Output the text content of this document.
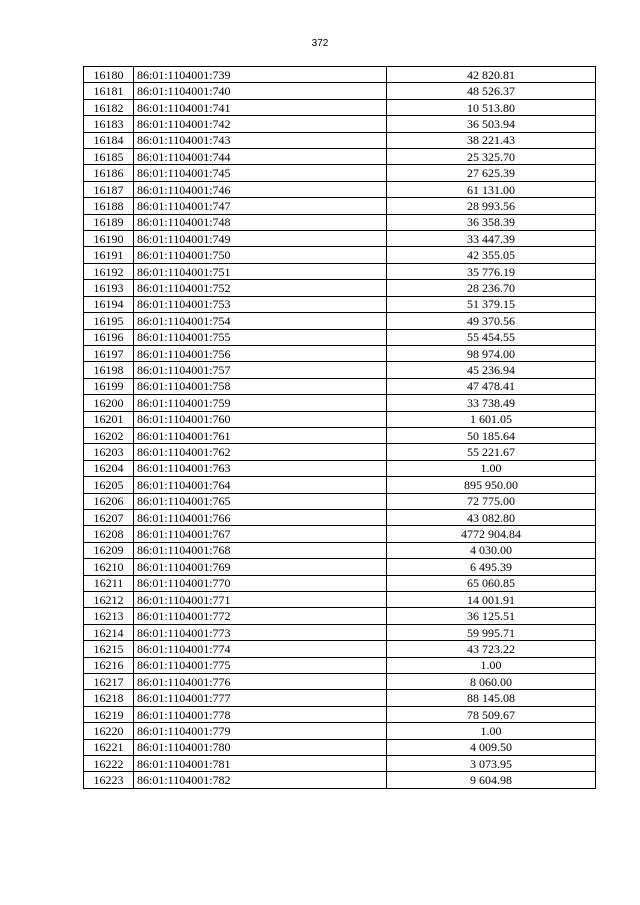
372
16180	86:01:1104001:739	42 820.81
16181	86:01:1104001:740	48 526.37
16182	86:01:1104001:741	10 513.80
16183	86:01:1104001:742	36 503.94
16184	86:01:1104001:743	38 221.43
16185	86:01:1104001:744	25 325.70
16186	86:01:1104001:745	27 625.39
16187	86:01:1104001:746	61 131.00
16188	86:01:1104001:747	28 993.56
16189	86:01:1104001:748	36 358.39
16190	86:01:1104001:749	33 447.39
16191	86:01:1104001:750	42 355.05
16192	86:01:1104001:751	35 776.19
16193	86:01:1104001:752	28 236.70
16194	86:01:1104001:753	51 379.15
16195	86:01:1104001:754	49 370.56
16196	86:01:1104001:755	55 454.55
16197	86:01:1104001:756	98 974.00
16198	86:01:1104001:757	45 236.94
16199	86:01:1104001:758	47 478.41
16200	86:01:1104001:759	33 738.49
16201	86:01:1104001:760	1 601.05
16202	86:01:1104001:761	50 185.64
16203	86:01:1104001:762	55 221.67
16204	86:01:1104001:763	1.00
16205	86:01:1104001:764	895 950.00
16206	86:01:1104001:765	72 775.00
16207	86:01:1104001:766	43 082.80
16208	86:01:1104001:767	4772 904.84
16209	86:01:1104001:768	4 030.00
16210	86:01:1104001:769	6 495.39
16211	86:01:1104001:770	65 060.85
16212	86:01:1104001:771	14 001.91
16213	86:01:1104001:772	36 125.51
16214	86:01:1104001:773	59 995.71
16215	86:01:1104001:774	43 723.22
16216	86:01:1104001:775	1.00
16217	86:01:1104001:776	8 060.00
16218	86:01:1104001:777	88 145.08
16219	86:01:1104001:778	78 509.67
16220	86:01:1104001:779	1.00
16221	86:01:1104001:780	4 009.50
16222	86:01:1104001:781	3 073.95
16223	86:01:1104001:782	9 604.98
